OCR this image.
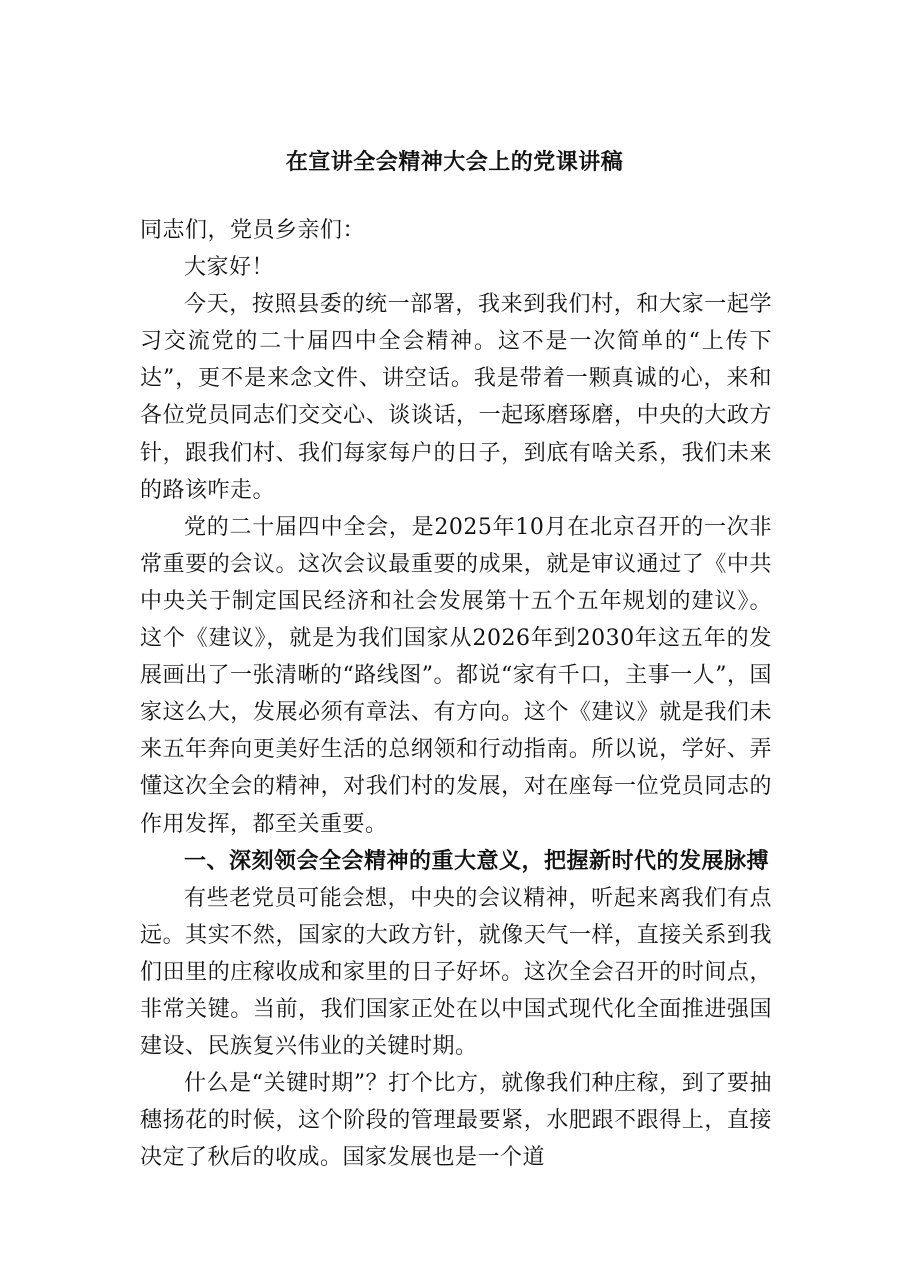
在宣讲全会精神大会上的党课讲稿

同志们，党员乡亲们：

大家好！

今天，按照县委的统一部署，我来到我们村，和大家一起学习交流党的二十届四中全会精神。这不是一次简单的“上传下达”，更不是来念文件、讲空话。我是带着一颗真诚的心，来和各位党员同志们交交心、谈谈话，一起琢磨琢磨，中央的大政方针，跟我们村、我们每家每户的日子，到底有啥关系，我们未来的路该咋走。

党的二十届四中全会，是2025年10月在北京召开的一次非常重要的会议。这次会议最重要的成果，就是审议通过了《中共中央关于制定国民经济和社会发展第十五个五年规划的建议》。这个《建议》，就是为我们国家从2026年到2030年这五年的发展画出了一张清晰的“路线图”。都说“家有千口，主事一人”，国家这么大，发展必须有章法、有方向。这个《建议》就是我们未来五年奔向更美好生活的总纲领和行动指南。所以说，学好、弄懂这次全会的精神，对我们村的发展，对在座每一位党员同志的作用发挥，都至关重要。

一、深刻领会全会精神的重大意义，把握新时代的发展脉搏

有些老党员可能会想，中央的会议精神，听起来离我们有点远。其实不然，国家的大政方针，就像天气一样，直接关系到我们田里的庄稼收成和家里的日子好坏。这次全会召开的时间点，非常关键。当前，我们国家正处在以中国式现代化全面推进强国建设、民族复兴伟业的关键时期。

什么是“关键时期”？打个比方，就像我们种庄稼，到了要抽穗扬花的时候，这个阶段的管理最要紧，水肥跟不跟得上，直接决定了秋后的收成。国家发展也是一个道
